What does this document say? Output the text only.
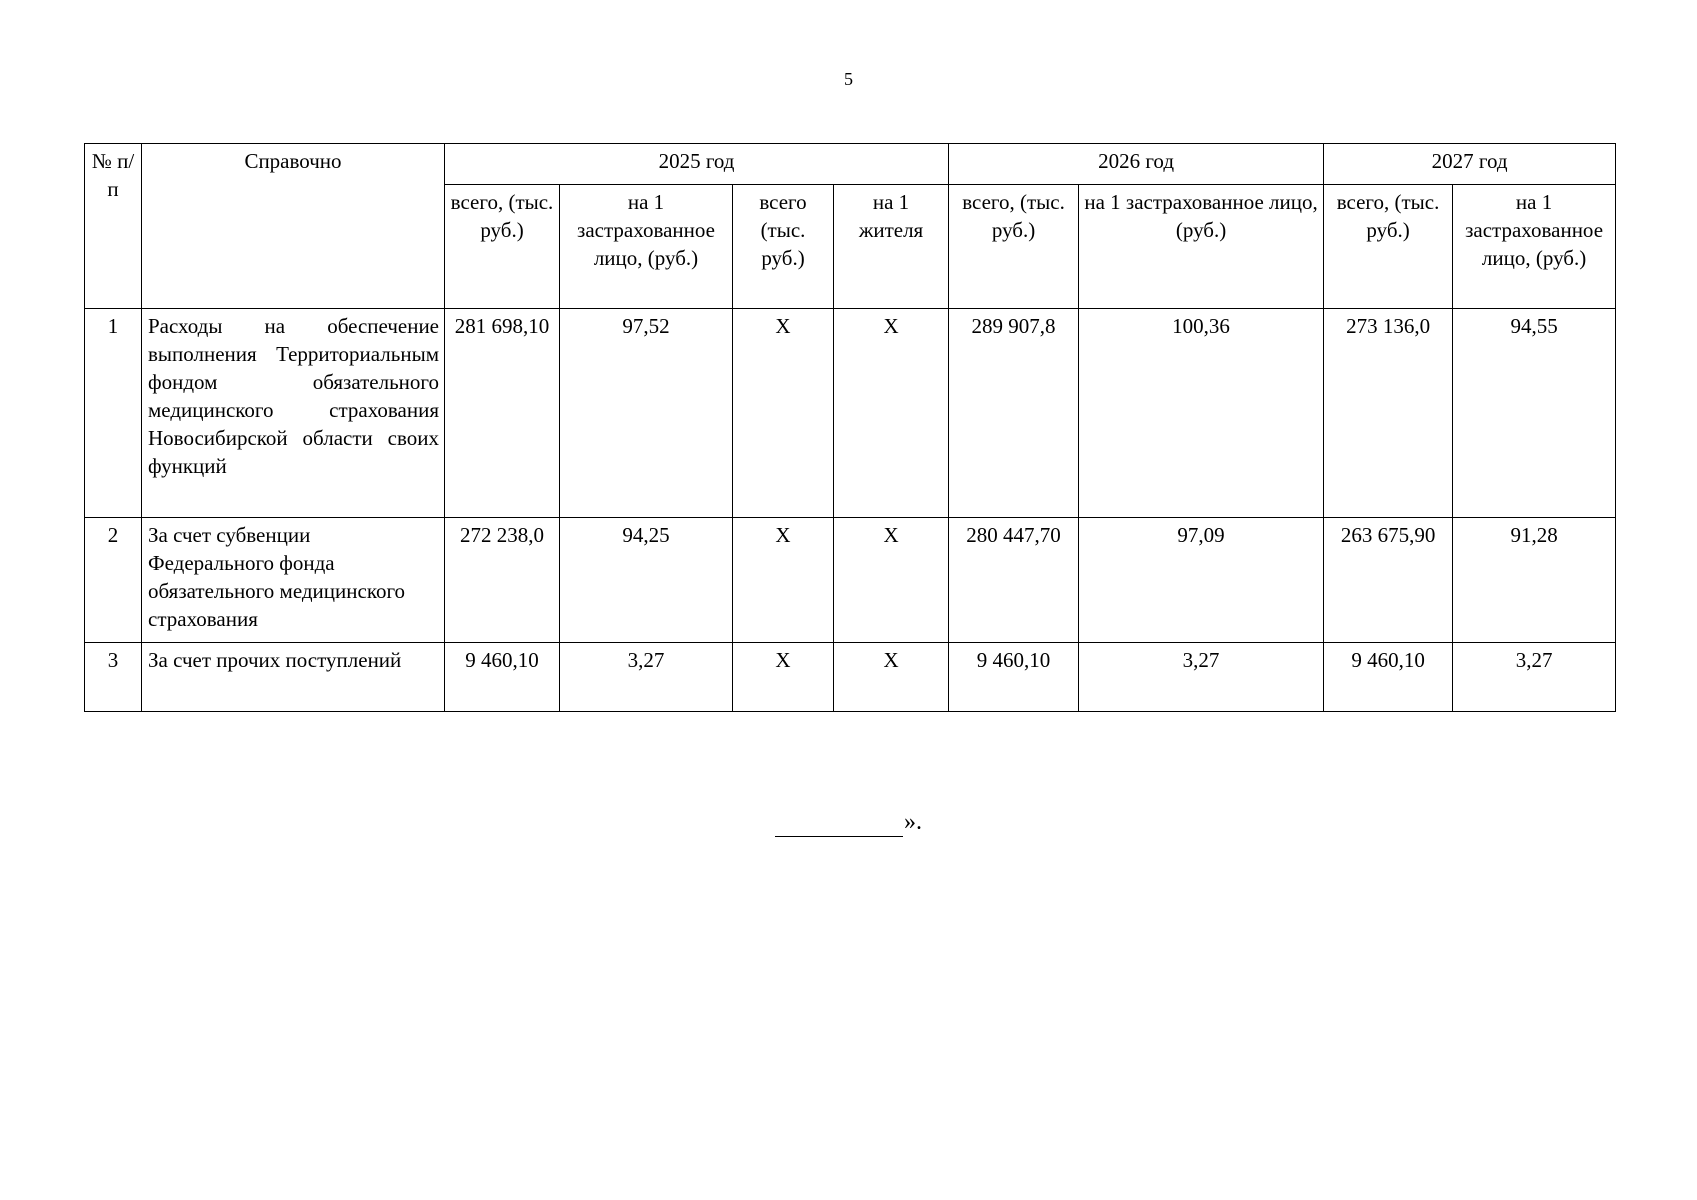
5
№ п/п	Справочно	2025 год				2026 год		2027 год	
		всего, (тыс. руб.)	на 1 застрахованное лицо, (руб.)	всего (тыс. руб.)	на 1 жителя	всего, (тыс. руб.)	на 1 застрахованное лицо, (руб.)	всего, (тыс. руб.)	на 1 застрахованное лицо, (руб.)
1	Расходы на обеспечение выполнения Территориальным фондом обязательного медицинского страхования Новосибирской области своих функций	281 698,10	97,52	Х	Х	289 907,8	100,36	273 136,0	94,55
2	За счет субвенции Федерального фонда обязательного медицинского страхования	272 238,0	94,25	Х	Х	280 447,70	97,09	263 675,90	91,28
3	За счет прочих поступлений	9 460,10	3,27	Х	Х	9 460,10	3,27	9 460,10	3,27
».
